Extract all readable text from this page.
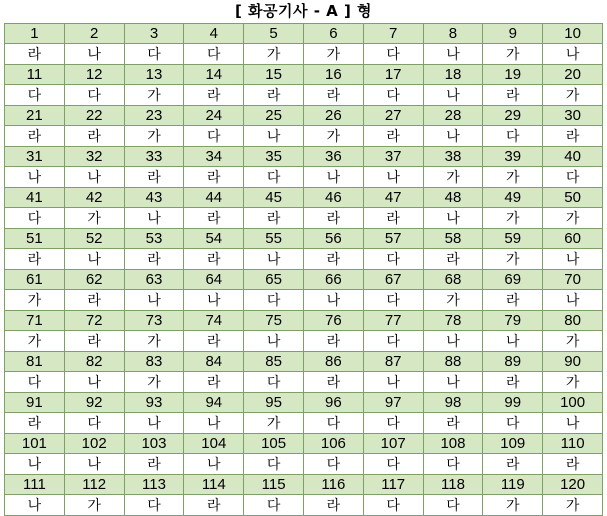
[ 화공기사 - A ] 형
1	2	3	4	5	6	7	8	9	10
라	나	다	다	가	가	다	나	가	나
11	12	13	14	15	16	17	18	19	20
다	다	가	라	라	라	다	나	라	가
21	22	23	24	25	26	27	28	29	30
라	라	가	다	나	가	라	나	다	라
31	32	33	34	35	36	37	38	39	40
나	나	라	라	다	나	나	가	가	다
41	42	43	44	45	46	47	48	49	50
다	가	나	라	라	라	라	나	가	가
51	52	53	54	55	56	57	58	59	60
라	나	라	라	나	라	다	라	가	나
61	62	63	64	65	66	67	68	69	70
가	라	나	나	다	나	다	가	라	나
71	72	73	74	75	76	77	78	79	80
가	라	가	라	나	라	다	나	나	가
81	82	83	84	85	86	87	88	89	90
다	나	가	라	다	라	나	나	라	가
91	92	93	94	95	96	97	98	99	100
라	다	나	나	가	다	다	라	다	나
101	102	103	104	105	106	107	108	109	110
나	나	라	나	다	다	다	다	라	라
111	112	113	114	115	116	117	118	119	120
나	가	다	라	다	라	다	다	가	가
